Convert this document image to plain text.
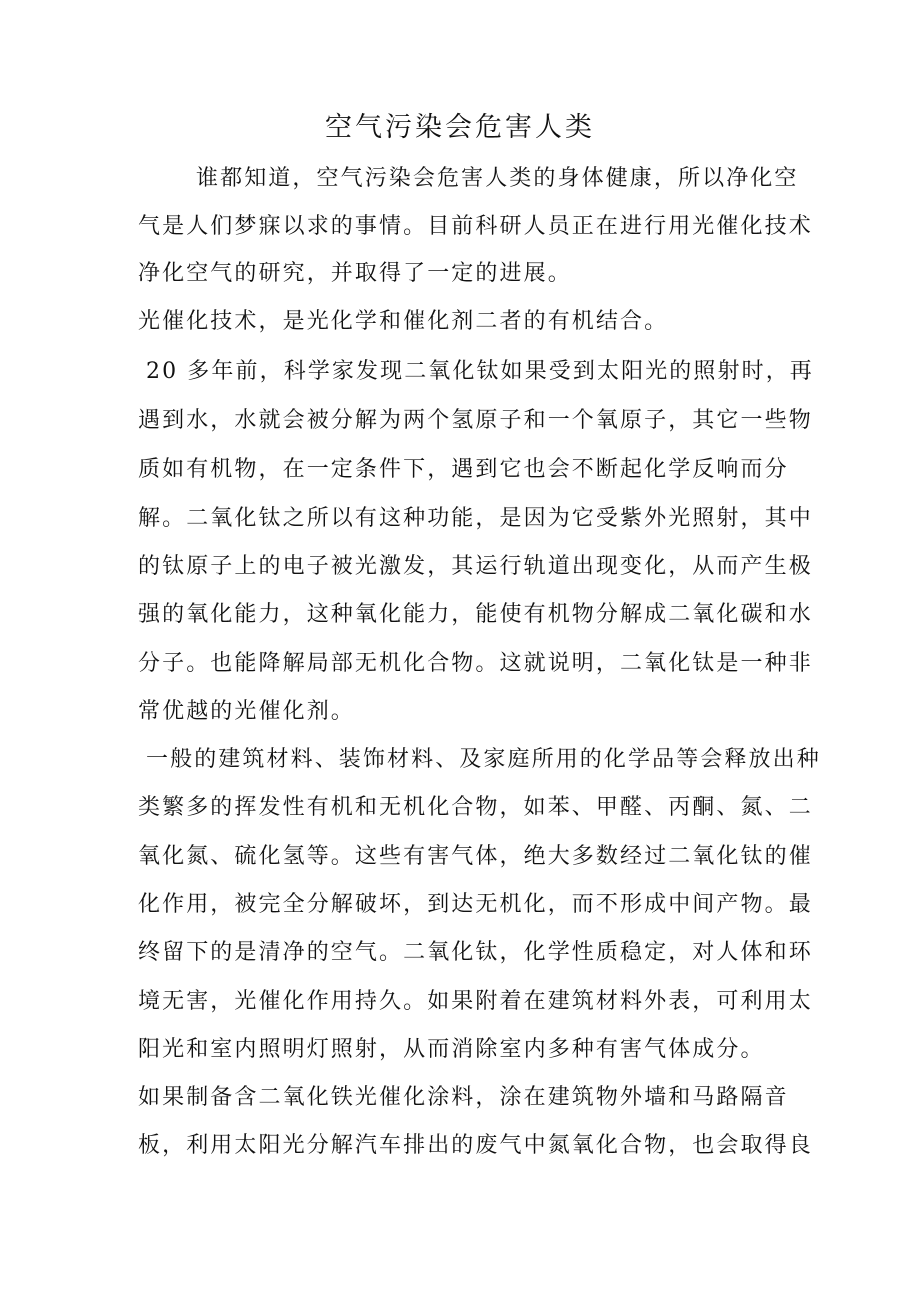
空气污染会危害人类

谁都知道，空气污染会危害人类的身体健康，所以净化空

气是人们梦寐以求的事情。目前科研人员正在进行用光催化技术

净化空气的研究，并取得了一定的进展。

光催化技术，是光化学和催化剂二者的有机结合。

20 多年前，科学家发现二氧化钛如果受到太阳光的照射时，再

遇到水，水就会被分解为两个氢原子和一个氧原子，其它一些物

质如有机物，在一定条件下，遇到它也会不断起化学反响而分

解。二氧化钛之所以有这种功能，是因为它受紫外光照射，其中

的钛原子上的电子被光激发，其运行轨道出现变化，从而产生极

强的氧化能力，这种氧化能力，能使有机物分解成二氧化碳和水

分子。也能降解局部无机化合物。这就说明，二氧化钛是一种非

常优越的光催化剂。

一般的建筑材料、装饰材料、及家庭所用的化学品等会释放出种

类繁多的挥发性有机和无机化合物，如苯、甲醛、丙酮、氮、二

氧化氮、硫化氢等。这些有害气体，绝大多数经过二氧化钛的催

化作用，被完全分解破坏，到达无机化，而不形成中间产物。最

终留下的是清净的空气。二氧化钛，化学性质稳定，对人体和环

境无害，光催化作用持久。如果附着在建筑材料外表，可利用太

阳光和室内照明灯照射，从而消除室内多种有害气体成分。

如果制备含二氧化铁光催化涂料，涂在建筑物外墙和马路隔音

板，利用太阳光分解汽车排出的废气中氮氧化合物，也会取得良
